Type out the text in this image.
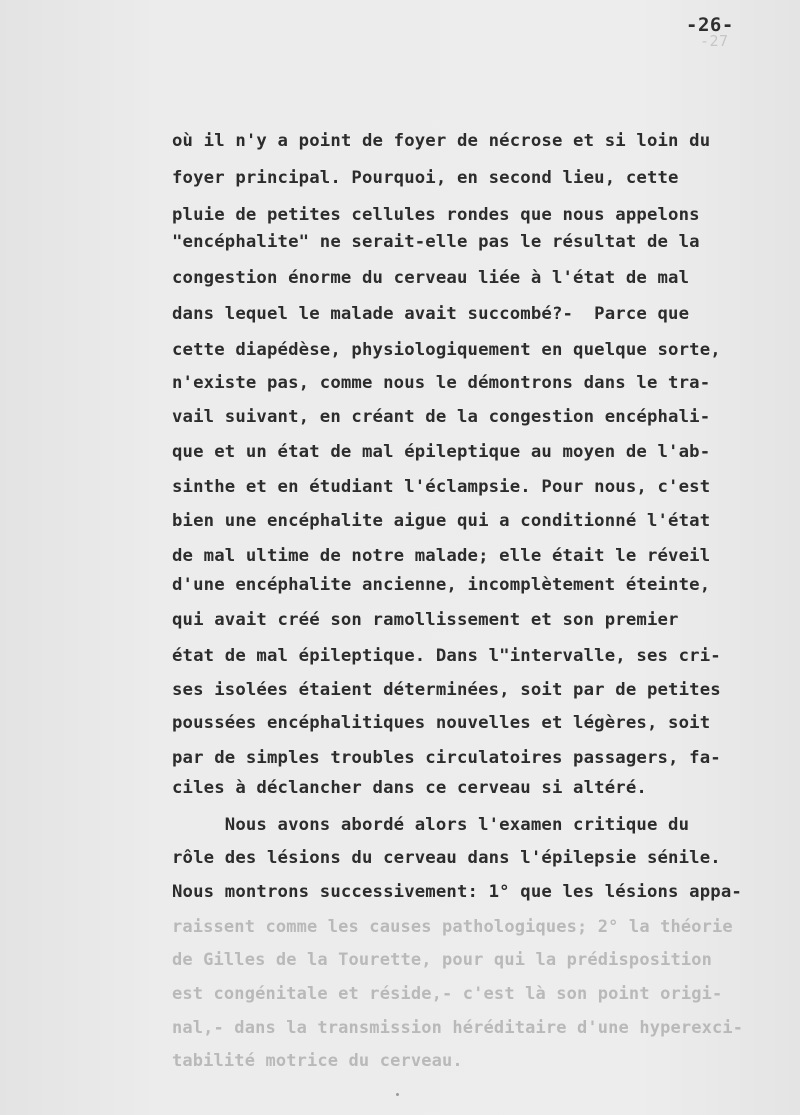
-26-
-27
où il n'y a point de foyer de nécrose et si loin du
foyer principal. Pourquoi, en second lieu, cette
pluie de petites cellules rondes que nous appelons
"encéphalite" ne serait-elle pas le résultat de la
congestion énorme du cerveau liée à l'état de mal
dans lequel le malade avait succombé?-  Parce que
cette diapédèse, physiologiquement en quelque sorte,
n'existe pas, comme nous le démontrons dans le tra-
vail suivant, en créant de la congestion encéphali-
que et un état de mal épileptique au moyen de l'ab-
sinthe et en étudiant l'éclampsie. Pour nous, c'est
bien une encéphalite aigue qui a conditionné l'état
de mal ultime de notre malade; elle était le réveil
d'une encéphalite ancienne, incomplètement éteinte,
qui avait créé son ramollissement et son premier
état de mal épileptique. Dans l"intervalle, ses cri-
ses isolées étaient déterminées, soit par de petites
poussées encéphalitiques nouvelles et légères, soit
par de simples troubles circulatoires passagers, fa-
ciles à déclancher dans ce cerveau si altéré.
Nous avons abordé alors l'examen critique du
rôle des lésions du cerveau dans l'épilepsie sénile.
Nous montrons successivement: 1° que les lésions appa-
raissent comme les causes pathologiques; 2° la théorie
de Gilles de la Tourette, pour qui la prédisposition
est congénitale et réside,- c'est là son point origi-
nal,- dans la transmission héréditaire d'une hyperexci-
tabilité motrice du cerveau.
